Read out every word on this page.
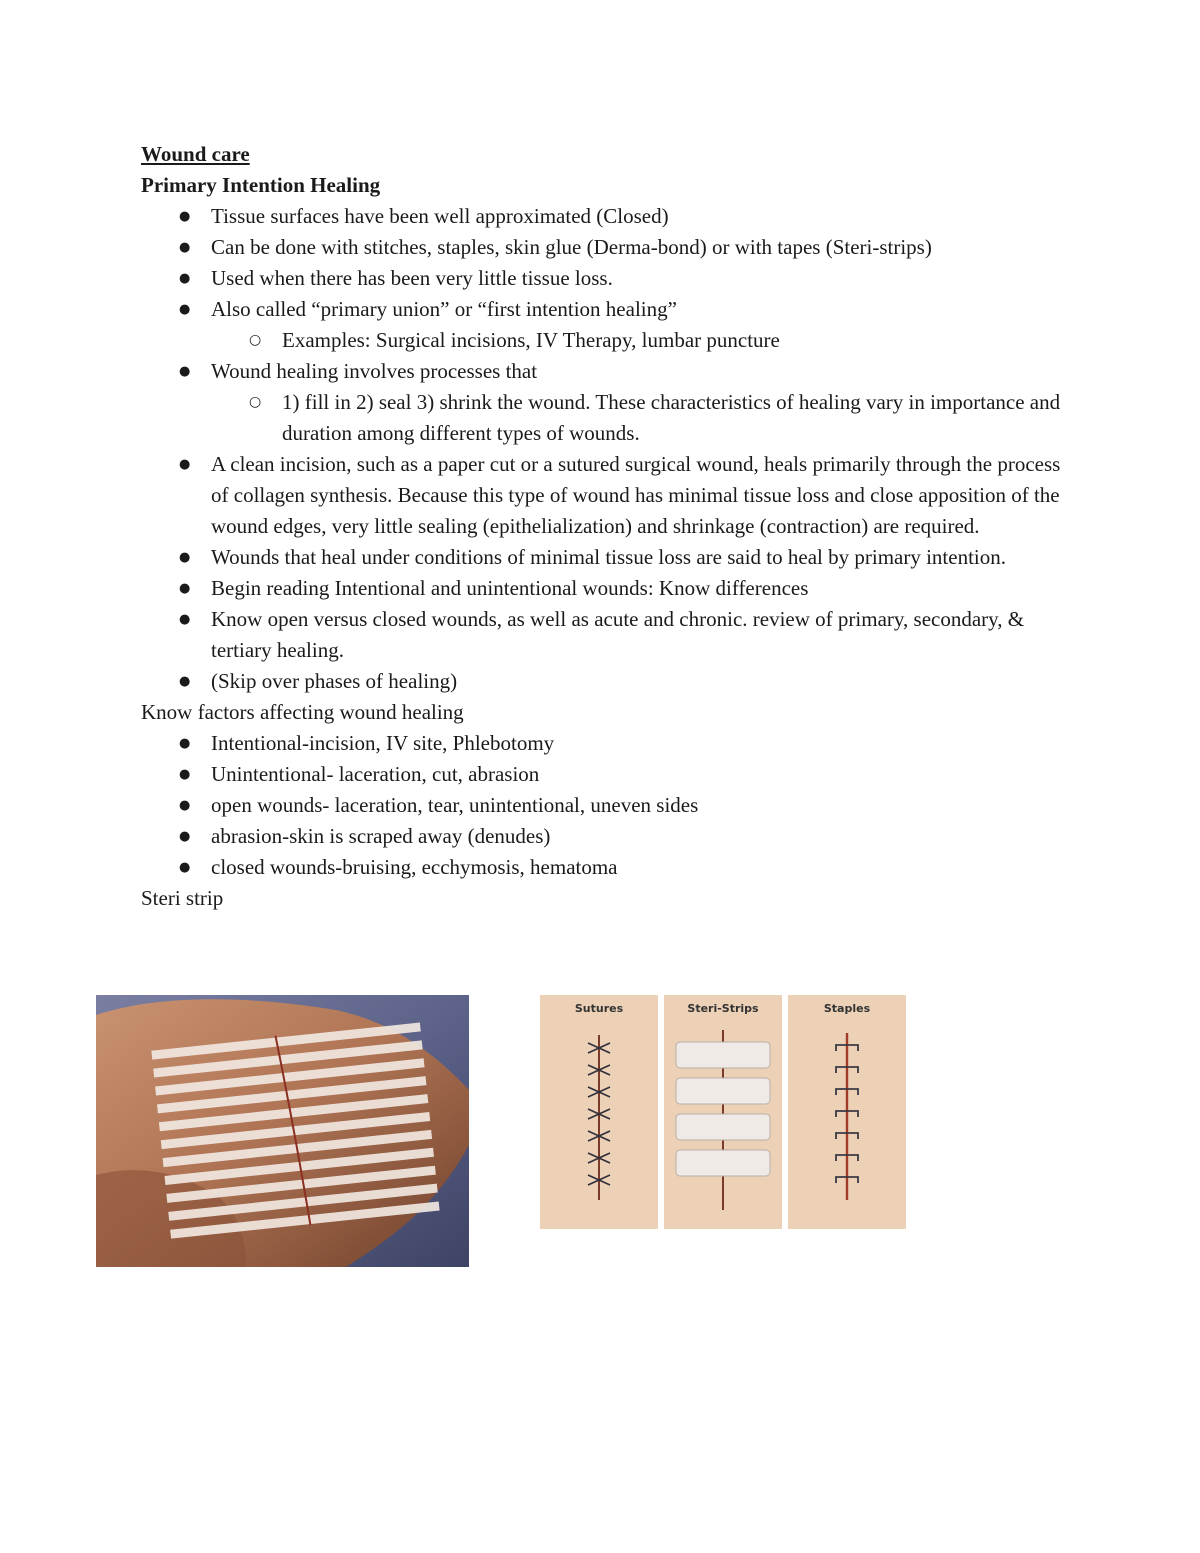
Wound care

Primary Intention Healing

● Tissue surfaces have been well approximated (Closed)
● Can be done with stitches, staples, skin glue (Derma-bond) or with tapes (Steri-strips)
● Used when there has been very little tissue loss.
● Also called “primary union” or “first intention healing”
○ Examples: Surgical incisions, IV Therapy, lumbar puncture
● Wound healing involves processes that
○ 1) fill in 2) seal 3) shrink the wound. These characteristics of healing vary in importance and duration among different types of wounds.
● A clean incision, such as a paper cut or a sutured surgical wound, heals primarily through the process of collagen synthesis. Because this type of wound has minimal tissue loss and close apposition of the wound edges, very little sealing (epithelialization) and shrinkage (contraction) are required.
● Wounds that heal under conditions of minimal tissue loss are said to heal by primary intention.
● Begin reading Intentional and unintentional wounds: Know differences
● Know open versus closed wounds, as well as acute and chronic. review of primary, secondary, & tertiary healing.
● (Skip over phases of healing)

Know factors affecting wound healing

● Intentional-incision, IV site, Phlebotomy
● Unintentional- laceration, cut, abrasion
● open wounds- laceration, tear, unintentional, uneven sides
● abrasion-skin is scraped away (denudes)
● closed wounds-bruising, ecchymosis, hematoma

Steri strip

Sutures	Steri-Strips	Staples
